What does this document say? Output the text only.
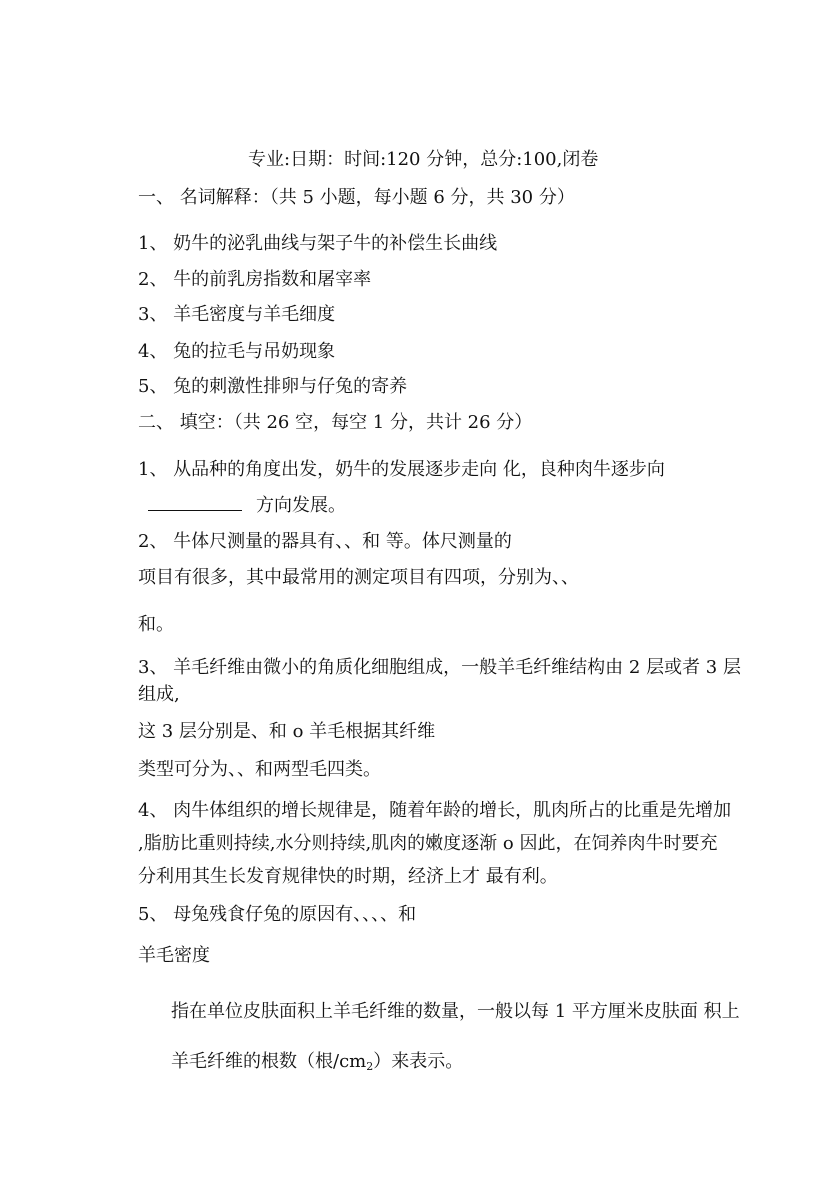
专业:日期：时间:120 分钟，总分:100,闭卷
一、 名词解释：（共 5 小题，每小题 6 分，共 30 分）
1、 奶牛的泌乳曲线与架子牛的补偿生长曲线
2、 牛的前乳房指数和屠宰率
3、 羊毛密度与羊毛细度
4、 兔的拉毛与吊奶现象
5、 兔的刺激性排卵与仔兔的寄养
二、 填空：（共 26 空，每空 1 分，共计 26 分）
1、 从品种的角度出发，奶牛的发展逐步走向 化，良种肉牛逐步向
方向发展。
2、 牛体尺测量的器具有、、和 等。体尺测量的
项目有很多，其中最常用的测定项目有四项，分别为、、
和。
3、 羊毛纤维由微小的角质化细胞组成，一般羊毛纤维结构由 2 层或者 3 层
组成,
这 3 层分别是、和 o 羊毛根据其纤维
类型可分为、、和两型毛四类。
4、 肉牛体组织的增长规律是，随着年龄的增长，肌肉所占的比重是先增加
,脂肪比重则持续,水分则持续,肌肉的嫩度逐渐 o 因此，在饲养肉牛时要充
分利用其生长发育规律快的时期，经济上才 最有利。
5、 母兔残食仔兔的原因有、、、、和
羊毛密度
指在单位皮肤面积上羊毛纤维的数量，一般以每 1 平方厘米皮肤面 积上
羊毛纤维的根数（根$/cm_2$）来表示。
